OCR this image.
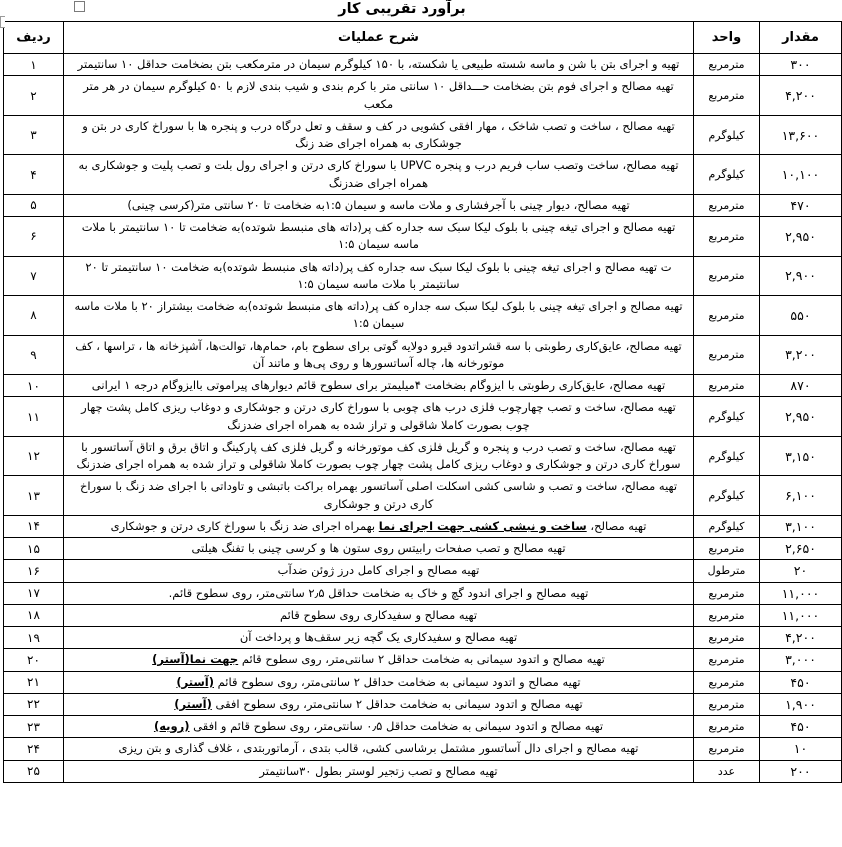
برآورد تقریبی کار
مقدار	واحد	شرح عملیات	ردیف
۳۰۰	مترمربع	تهیه و اجرای بتن با شن و ماسه شسته طبیعی یا شکسته، با ۱۵۰ کیلوگرم سیمان در مترمکعب بتن بضخامت حداقل ۱۰ سانتیمتر	۱
۴,۲۰۰	مترمربع	تهیه مصالح و اجرای فوم بتن بضخامت حـــداقل ۱۰ سانتی متر با کرم بندی و شیب بندی لازم با ۵۰ کیلوگرم سیمان در هر متر مکعب	۲
۱۳,۶۰۰	کیلوگرم	تهیه مصالح ، ساخت و تصب شاخک ، مهار افقی کشویی در کف و سقف و تعل درگاه درب و پنجره ها با سوراخ کاری در بتن و جوشکاری به همراه اجرای ضد زنگ	۳
۱۰,۱۰۰	کیلوگرم	تهیه مصالح، ساخت وتصب ساب فریم درب و پنجره UPVC با سوراخ کاری درتن و اجرای رول بلت و تصب پلیت و جوشکاری به همراه اجرای ضدزنگ	۴
۴۷۰	مترمربع	تهیه مصالح، دیوار چینی با آجرفشاری و ملات ماسه و سیمان ۱:۵به ضخامت تا ۲۰ سانتی متر(کرسی چینی)	۵
۲,۹۵۰	مترمربع	تهیه مصالح و اجرای تیغه چینی با بلوک لیکا سبک سه جداره کف پر(داته های منبسط شوتده)به ضخامت تا ۱۰ سانتیمتر با ملات ماسه سیمان ۱:۵	۶
۲,۹۰۰	مترمربع	ت تهیه مصالح و اجرای تیغه چینی با بلوک لیکا سبک سه جداره کف پر(داته های منبسط شوتده)به ضخامت ۱۰ سانتیمتر تا ۲۰ سانتیمتر با ملات ماسه سیمان ۱:۵	۷
۵۵۰	مترمربع	تهیه مصالح و اجرای تیغه چینی با بلوک لیکا سبک سه جداره کف پر(داته های منبسط شوتده)به ضخامت بیشتراز ۲۰ با ملات ماسه سیمان ۱:۵	۸
۳,۲۰۰	مترمربع	تهیه مصالح، عایق‌کاری رطوبتی با سه قشراتدود قیرو دولایه گوتی برای سطوح بام، حمام‌ها، توالت‌ها، آشپزخانه ها ، تراسها ، کف موتورخانه ها، چاله آساتسورها و روی پی‌ها و ماتند آن	۹
۸۷۰	مترمربع	تهیه مصالح، عایق‌کاری رطوبتی با ایزوگام بضخامت ۴میلیمتر برای سطوح قائم دیوارهای پیراموتی باایزوگام درجه ۱ ایرانی	۱۰
۲,۹۵۰	کیلوگرم	تهیه مصالح، ساخت و تصب چهارچوب فلزی درب های چوبی با سوراخ کاری درتن و جوشکاری و دوغاب ریزی کامل پشت چهار چوب بصورت کاملا شاقولی و تراز شده به همراه اجرای ضدزنگ	۱۱
۳,۱۵۰	کیلوگرم	تهیه مصالح، ساخت و تصب درب و پنجره و گریل فلزی کف موتورخانه و گریل فلزی کف پارکینگ و اتاق برق و اتاق آساتسور با سوراخ کاری درتن و جوشکاری و دوغاب ریزی کامل پشت چهار چوب بصورت کاملا شاقولی و تراز شده به همراه اجرای ضدزنگ	۱۲
۶,۱۰۰	کیلوگرم	تهیه مصالح، ساخت و تصب و شاسی کشی اسکلت اصلی آساتسور بهمراه براکت باتبشی و تاوداتی با اجرای ضد زنگ با سوراخ کاری درتن و جوشکاری	۱۳
۳,۱۰۰	کیلوگرم	تهیه مصالح، ساخت و نبشی کشی جهت اجرای نما بهمراه اجرای ضد زنگ با سوراخ کاری درتن و جوشکاری	۱۴
۲,۶۵۰	مترمربع	تهیه مصالح و تصب صفحات رابیتس روی ستون ها و کرسی چینی با تفنگ هیلتی	۱۵
۲۰	مترطول	تهیه مصالح و اجرای کامل درز ژوئن ضدآب	۱۶
۱۱,۰۰۰	مترمربع	تهیه مصالح و اجرای اندود گچ و خاک به ضخامت حداقل ۲٫۵ سانتی‌متر، روی سطوح قائم.	۱۷
۱۱,۰۰۰	مترمربع	تهیه مصالح و سفیدکاری روی سطوح قائم	۱۸
۴,۲۰۰	مترمربع	تهیه مصالح و سفیدکاری یک گچه زیر سقف‌ها و پرداخت آن	۱۹
۳,۰۰۰	مترمربع	تهیه مصالح و اتدود سیمانی به ضخامت حداقل ۲ سانتی‌متر، روی سطوح قائم جهت نما(آستر)	۲۰
۴۵۰	مترمربع	تهیه مصالح و اتدود سیمانی به ضخامت حداقل ۲ سانتی‌متر، روی سطوح قائم (آستر)	۲۱
۱,۹۰۰	مترمربع	تهیه مصالح و اتدود سیمانی به ضخامت حداقل ۲ سانتی‌متر، روی سطوح افقی (آستر)	۲۲
۴۵۰	مترمربع	تهیه مصالح و اتدود سیمانی به ضخامت حداقل ۰٫۵ سانتی‌متر، روی سطوح قائم و افقی (رویه)	۲۳
۱۰	مترمربع	تهیه مصالح و اجرای دال آساتسور مشتمل برشاسی کشی، قالب بتدی ، آرماتوربتدی ، غلاف گذاری و بتن ریزی	۲۴
۲۰۰	عدد	تهیه مصالح و تصب زتجیر لوستر بطول ۳۰سانتیمتر	۲۵
